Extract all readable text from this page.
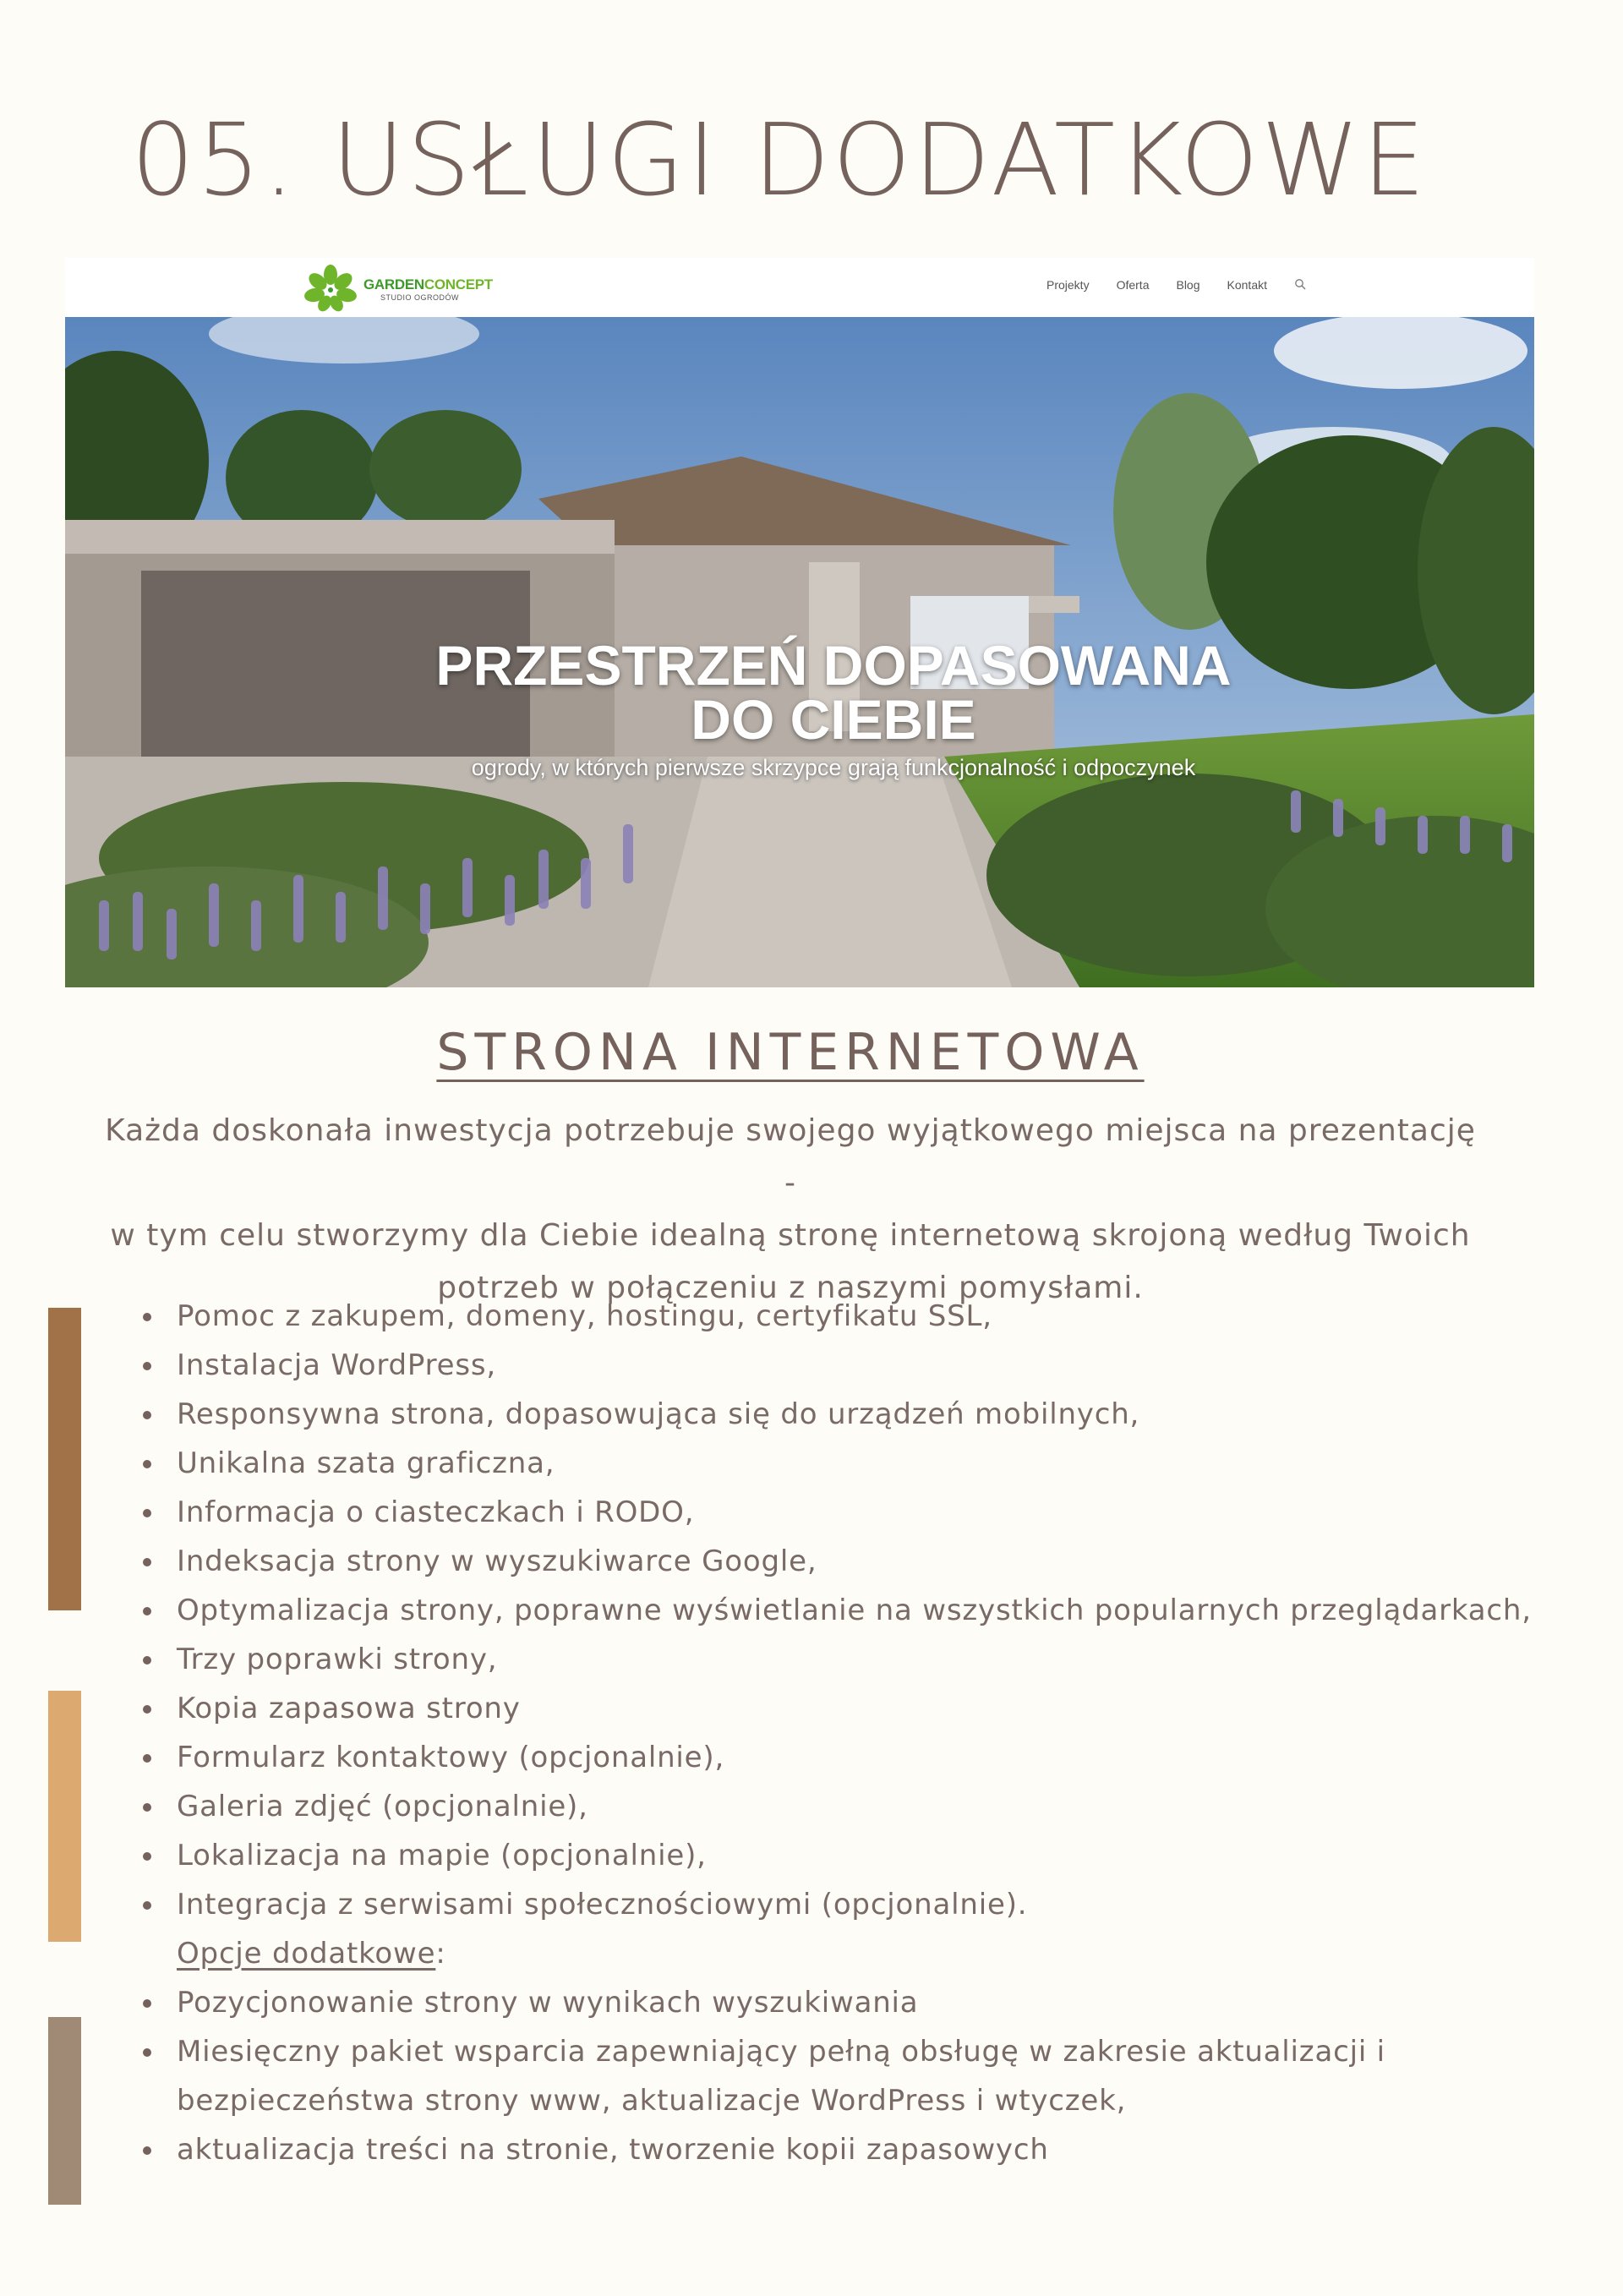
05. USŁUGI DODATKOWE
GARDENCONCEPT
STUDIO OGRODÓW
Projekty Oferta Blog Kontakt
PRZESTRZEŃ DOPASOWANA
DO CIEBIE
ogrody, w których pierwsze skrzypce grają funkcjonalność i odpoczynek
STRONA INTERNETOWA
Każda doskonała inwestycja potrzebuje swojego wyjątkowego miejsca na prezentację -
w tym celu stworzymy dla Ciebie idealną stronę internetową skrojoną według Twoich
potrzeb w połączeniu z naszymi pomysłami.
Pomoc z zakupem, domeny, hostingu, certyfikatu SSL,
Instalacja WordPress,
Responsywna strona, dopasowująca się do urządzeń mobilnych,
Unikalna szata graficzna,
Informacja o ciasteczkach i RODO,
Indeksacja strony w wyszukiwarce Google,
Optymalizacja strony, poprawne wyświetlanie na wszystkich popularnych przeglądarkach,
Trzy poprawki strony,
Kopia zapasowa strony
Formularz kontaktowy (opcjonalnie),
Galeria zdjęć (opcjonalnie),
Lokalizacja na mapie (opcjonalnie),
Integracja z serwisami społecznościowymi (opcjonalnie).
Opcje dodatkowe:
Pozycjonowanie strony w wynikach wyszukiwania
Miesięczny pakiet wsparcia zapewniający pełną obsługę w zakresie aktualizacji i
bezpieczeństwa strony www, aktualizacje WordPress i wtyczek,
aktualizacja treści na stronie, tworzenie kopii zapasowych
